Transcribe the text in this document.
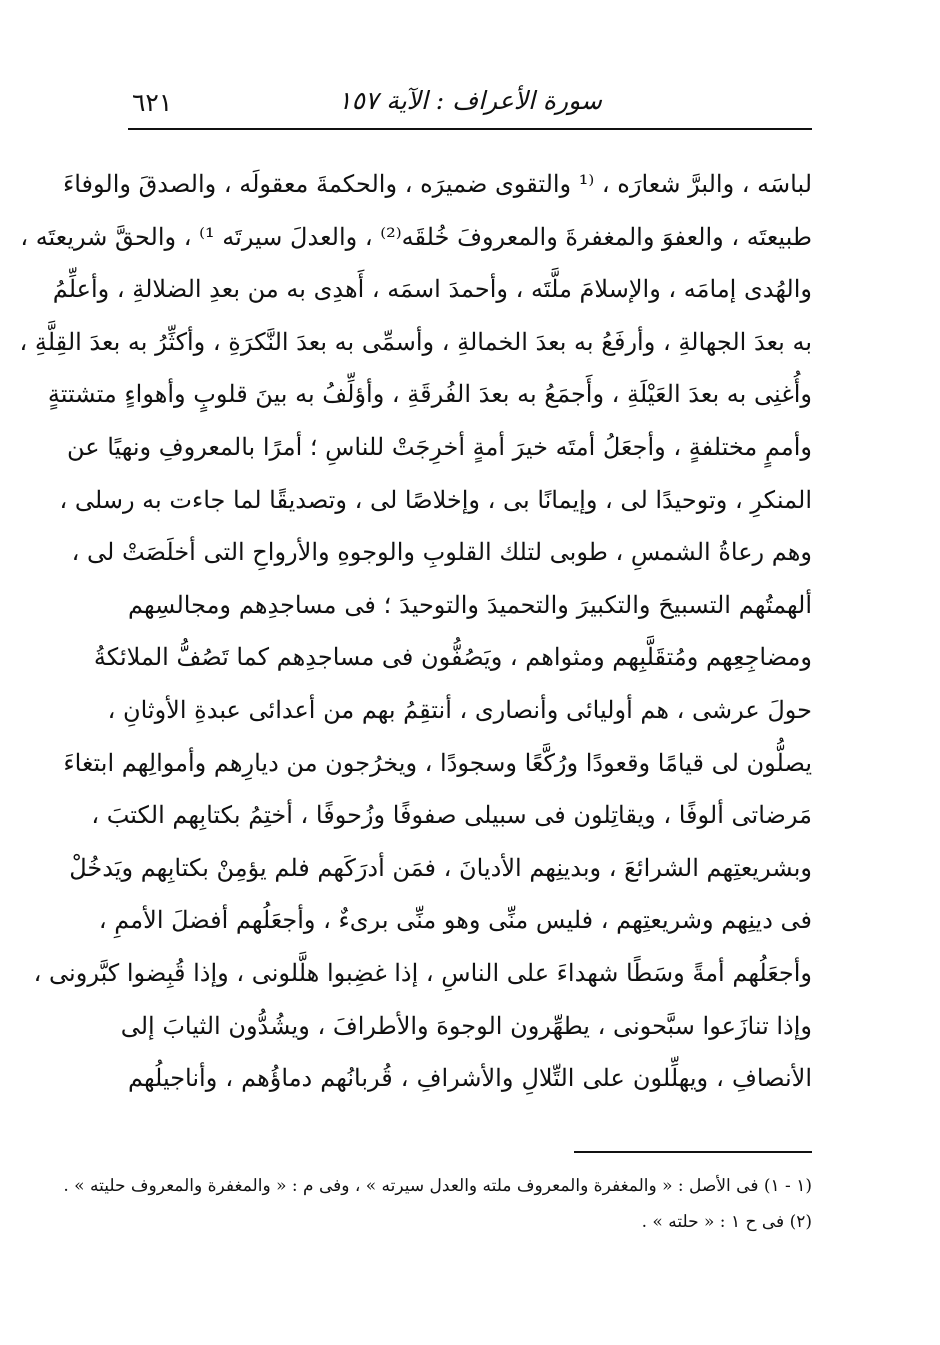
سورة الأعراف : الآية ١٥٧
٦٢١
لباسَه ، والبرَّ شعارَه ، ⁽¹ والتقوى ضميرَه ، والحكمةَ معقولَه ، والصدقَ والوفاءَ
طبيعتَه ، والعفوَ والمغفرةَ والمعروفَ خُلقَه⁽²⁾ ، والعدلَ سيرتَه ¹⁾ ، والحقَّ شريعتَه ،
والهُدى إمامَه ، والإسلامَ ملَّتَه ، وأحمدَ اسمَه ، أَهدِى به من بعدِ الضلالةِ ، وأعلِّمُ
به بعدَ الجهالةِ ، وأرفَعُ به بعدَ الخمالةِ ، وأسمِّى به بعدَ النَّكرَةِ ، وأكثِّرُ به بعدَ القِلَّةِ ،
وأُغنِى به بعدَ العَيْلَةِ ، وأَجمَعُ به بعدَ الفُرقَةِ ، وأؤلِّفُ به بينَ قلوبٍ وأهواءٍ متشتتةٍ
وأممٍ مختلفةٍ ، وأجعَلُ أمتَه خيرَ أمةٍ أخرِجَتْ للناسِ ؛ أمرًا بالمعروفِ ونهيًا عن
المنكرِ ، وتوحيدًا لى ، وإيمانًا بى ، وإخلاصًا لى ، وتصديقًا لما جاءت به رسلى ،
وهم رعاةُ الشمسِ ، طوبى لتلك القلوبِ والوجوهِ والأرواحِ التى أخلَصَتْ لى ،
ألهمتُهم التسبيحَ والتكبيرَ والتحميدَ والتوحيدَ ؛ فى مساجدِهم ومجالسِهم
ومضاجِعِهم ومُتقَلَّبِهم ومثواهم ، ويَصُفُّون فى مساجدِهم كما تَصُفُّ الملائكةُ
حولَ عرشى ، هم أوليائى وأنصارى ، أنتقِمُ بهم من أعدائى عبدةِ الأوثانِ ،
يصلُّون لى قيامًا وقعودًا ورُكَّعًا وسجودًا ، ويخرُجون من ديارِهم وأموالِهم ابتغاءَ
مَرضاتى ألوفًا ، ويقاتِلون فى سبيلى صفوفًا وزُحوفًا ، أختِمُ بكتابِهم الكتبَ ،
وبشريعتِهم الشرائعَ ، وبدينِهم الأديانَ ، فمَن أدرَكَهم فلم يؤمِنْ بكتابِهم ويَدخُلْ
فى دينِهم وشريعتِهم ، فليس منِّى وهو منِّى برىءٌ ، وأجعَلُهم أفضلَ الأممِ ،
وأجعَلُهم أمةً وسَطًا شهداءَ على الناسِ ، إذا غضِبوا هلَّلونى ، وإذا قُبِضوا كبَّرونى ،
وإذا تنازَعوا سبَّحونى ، يطهِّرون الوجوهَ والأطرافَ ، ويشُدُّون الثيابَ إلى
الأنصافِ ، ويهلِّلون على التِّلالِ والأشرافِ ، قُربانُهم دماؤُهم ، وأناجيلُهم
(١ - ١) فى الأصل : « والمغفرة والمعروف ملته والعدل سيرته » ، وفى م : « والمغفرة والمعروف حليته » .
(٢) فى ح ١ : « حلته » .
